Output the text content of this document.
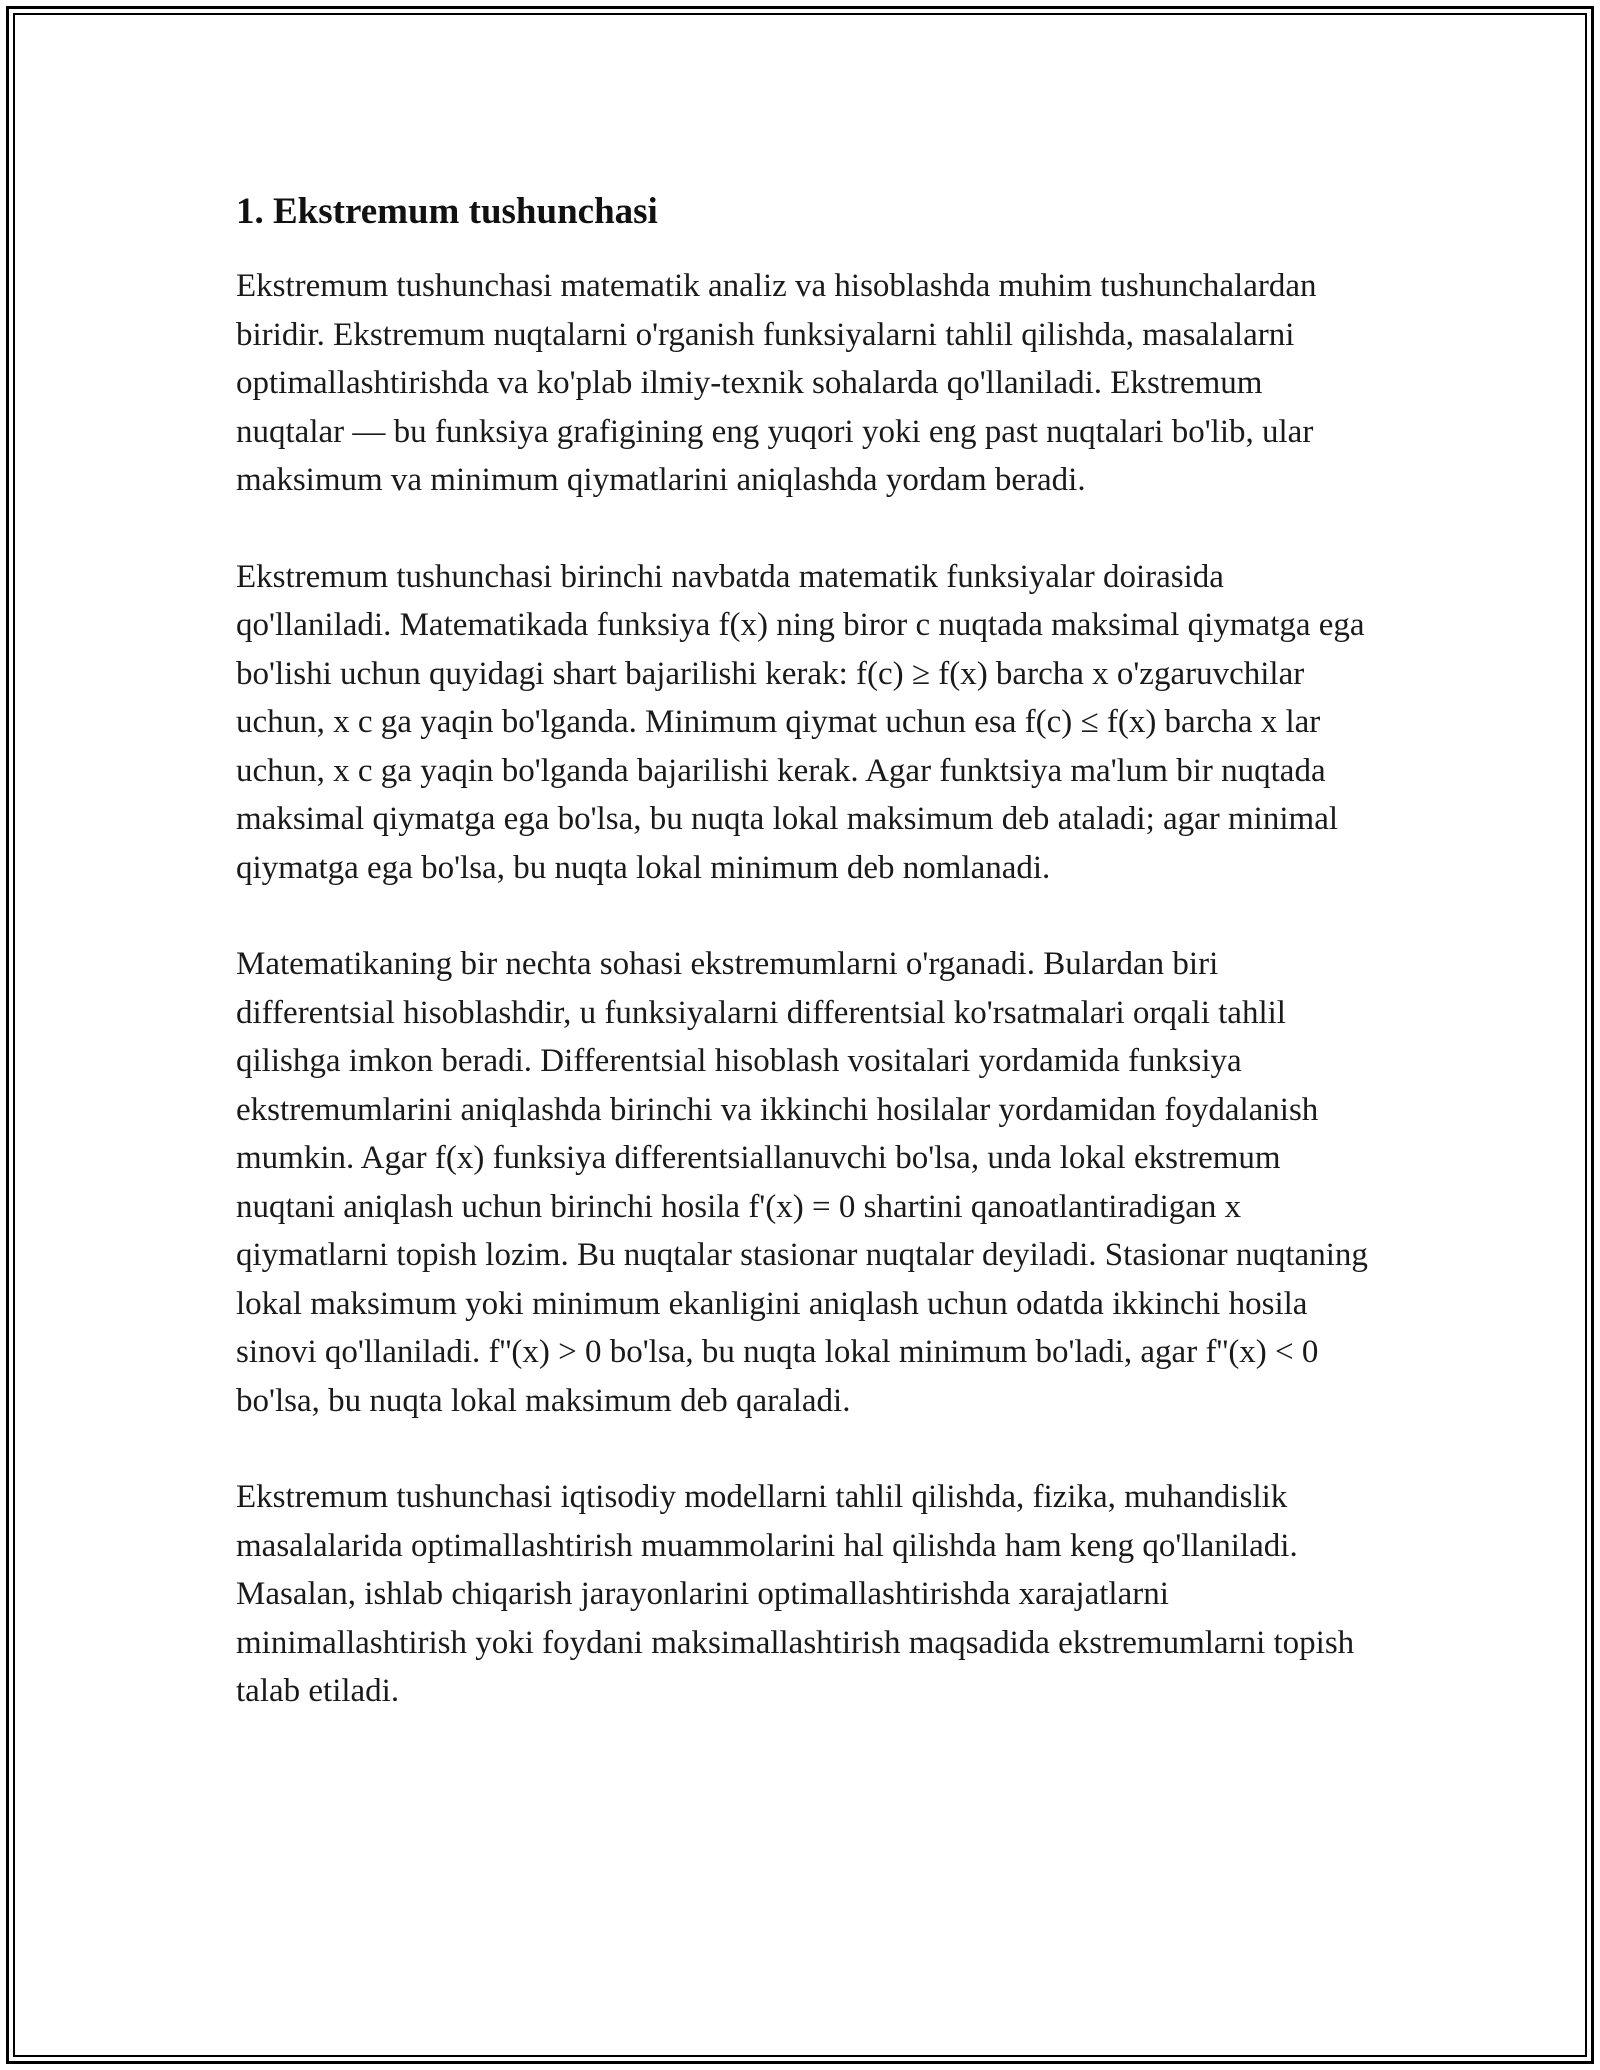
1. Ekstremum tushunchasi

Ekstremum tushunchasi matematik analiz va hisoblashda muhim tushunchalardan biridir. Ekstremum nuqtalarni o'rganish funksiyalarni tahlil qilishda, masalalarni optimallashtirishda va ko'plab ilmiy-texnik sohalarda qo'llaniladi. Ekstremum nuqtalar — bu funksiya grafigining eng yuqori yoki eng past nuqtalari bo'lib, ular maksimum va minimum qiymatlarini aniqlashda yordam beradi.

Ekstremum tushunchasi birinchi navbatda matematik funksiyalar doirasida qo'llaniladi. Matematikada funksiya f(x) ning biror c nuqtada maksimal qiymatga ega bo'lishi uchun quyidagi shart bajarilishi kerak: f(c) ≥ f(x) barcha x o'zgaruvchilar uchun, x c ga yaqin bo'lganda. Minimum qiymat uchun esa f(c) ≤ f(x) barcha x lar uchun, x c ga yaqin bo'lganda bajarilishi kerak. Agar funktsiya ma'lum bir nuqtada maksimal qiymatga ega bo'lsa, bu nuqta lokal maksimum deb ataladi; agar minimal qiymatga ega bo'lsa, bu nuqta lokal minimum deb nomlanadi.

Matematikaning bir nechta sohasi ekstremumlarni o'rganadi. Bulardan biri differentsial hisoblashdir, u funksiyalarni differentsial ko'rsatmalari orqali tahlil qilishga imkon beradi. Differentsial hisoblash vositalari yordamida funksiya ekstremumlarini aniqlashda birinchi va ikkinchi hosilalar yordamidan foydalanish mumkin. Agar f(x) funksiya differentsiallanuvchi bo'lsa, unda lokal ekstremum nuqtani aniqlash uchun birinchi hosila f'(x) = 0 shartini qanoatlantiradigan x qiymatlarni topish lozim. Bu nuqtalar stasionar nuqtalar deyiladi. Stasionar nuqtaning lokal maksimum yoki minimum ekanligini aniqlash uchun odatda ikkinchi hosila sinovi qo'llaniladi. f''(x) > 0 bo'lsa, bu nuqta lokal minimum bo'ladi, agar f''(x) < 0 bo'lsa, bu nuqta lokal maksimum deb qaraladi.

Ekstremum tushunchasi iqtisodiy modellarni tahlil qilishda, fizika, muhandislik masalalarida optimallashtirish muammolarini hal qilishda ham keng qo'llaniladi. Masalan, ishlab chiqarish jarayonlarini optimallashtirishda xarajatlarni minimallashtirish yoki foydani maksimallashtirish maqsadida ekstremumlarni topish talab etiladi.
